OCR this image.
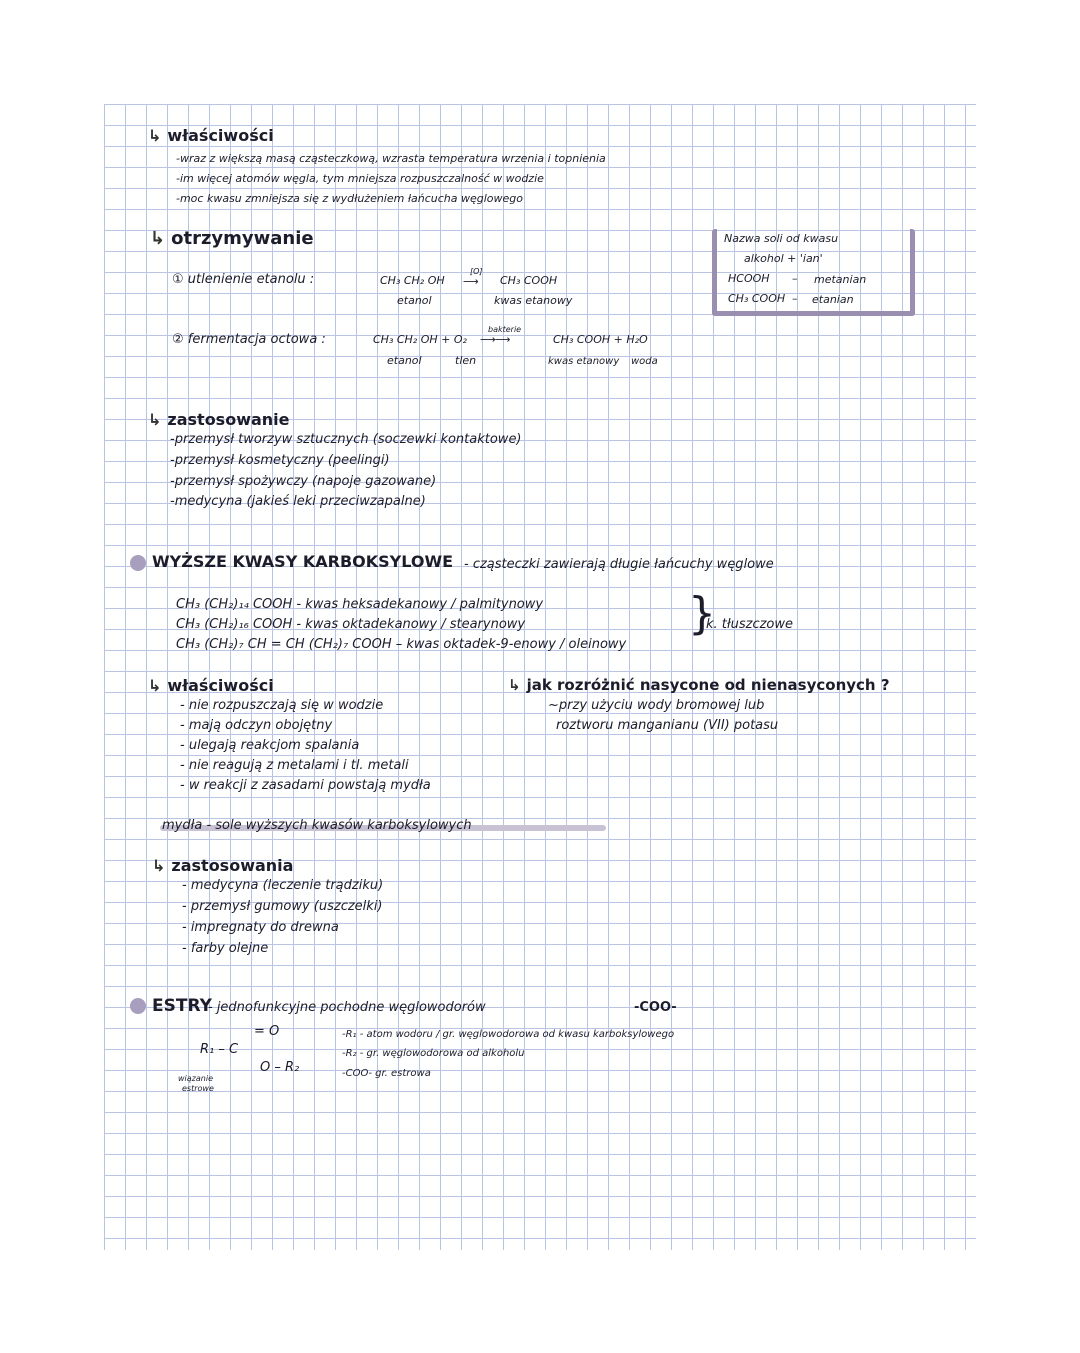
↳ właściwości
-wraz z większą masą cząsteczkową, wzrasta temperatura wrzenia i topnienia
-im więcej atomów węgla, tym mniejsza rozpuszczalność w wodzie
-moc kwasu zmniejsza się z wydłużeniem łańcucha węglowego
↳ otrzymywanie
① utlenienie etanolu :	CH₃ CH₂ OH
[O]
⟶ CH₃ COOH
etanol	kwas etanowy
② fermentacja octowa :	CH₃ CH₂ OH + O₂
bakterie
⟶⟶	CH₃ COOH + H₂O
etanol	tlen	kwas etanowy woda
Nazwa soli od kwasu
alkohol + 'ian'
HCOOH – metanian
CH₃ COOH – etanian
↳ zastosowanie
-przemysł tworzyw sztucznych (soczewki kontaktowe)
-przemysł kosmetyczny (peelingi)
-przemysł spożywczy (napoje gazowane)
-medycyna (jakieś leki przeciwzapalne)
WYŻSZE KWASY KARBOKSYLOWE - cząsteczki zawierają długie łańcuchy węglowe
CH₃ (CH₂)₁₄ COOH - kwas heksadekanowy / palmitynowy
CH₃ (CH₂)₁₆ COOH - kwas oktadekanowy / stearynowy
CH₃ (CH₂)₇ CH = CH (CH₂)₇ COOH – kwas oktadek-9-enowy / oleinowy
}
k. tłuszczowe
↳ właściwości
- nie rozpuszczają się w wodzie
- mają odczyn obojętny
- ulegają reakcjom spalania
- nie reagują z metalami i tl. metali
- w reakcji z zasadami powstają mydła
↳ jak rozróżnić nasycone od nienasyconych ?
~przy użyciu wody bromowej lub
roztworu manganianu (VII) potasu
mydła - sole wyższych kwasów karboksylowych
↳ zastosowania
- medycyna (leczenie trądziku)
- przemysł gumowy (uszczelki)
- impregnaty do drewna
- farby olejne
ESTRY
- jednofunkcyjne pochodne węglowodorów	-COO-
R₁ – C
= O
O – R₂
wiązanie
estrowe
-R₁ - atom wodoru / gr. węglowodorowa od kwasu karboksylowego
-R₂ - gr. węglowodorowa od alkoholu
-COO- gr. estrowa
